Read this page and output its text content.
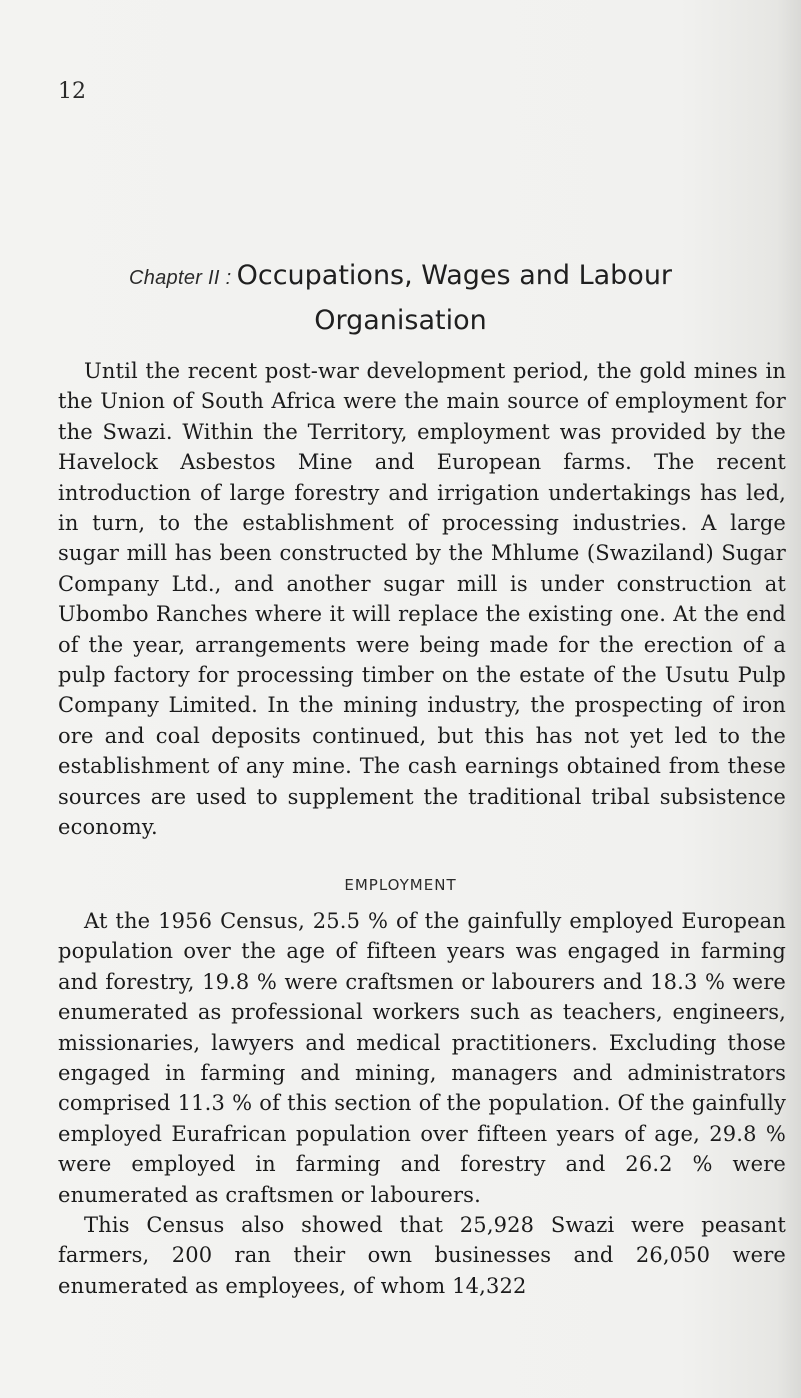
12
Chapter II : Occupations, Wages and Labour
Organisation

Until the recent post-war development period, the gold mines in the Union of South Africa were the main source of employment for the Swazi. Within the Territory, employment was provided by the Havelock Asbestos Mine and European farms. The recent introduction of large forestry and irrigation undertakings has led, in turn, to the establishment of processing industries. A large sugar mill has been constructed by the Mhlume (Swaziland) Sugar Company Ltd., and another sugar mill is under construction at Ubombo Ranches where it will replace the existing one. At the end of the year, arrangements were being made for the erection of a pulp factory for processing timber on the estate of the Usutu Pulp Company Limited. In the mining industry, the prospecting of iron ore and coal deposits continued, but this has not yet led to the establishment of any mine. The cash earnings obtained from these sources are used to supplement the traditional tribal subsistence economy.

EMPLOYMENT

At the 1956 Census, 25.5 % of the gainfully employed European population over the age of fifteen years was engaged in farming and forestry, 19.8 % were craftsmen or labourers and 18.3 % were enumerated as professional workers such as teachers, engineers, missionaries, lawyers and medical practitioners. Excluding those engaged in farming and mining, managers and administrators comprised 11.3 % of this section of the population. Of the gainfully employed Eurafrican population over fifteen years of age, 29.8 % were employed in farming and forestry and 26.2 % were enumerated as craftsmen or labourers.

This Census also showed that 25,928 Swazi were peasant farmers, 200 ran their own businesses and 26,050 were enumerated as employees, of whom 14,322
